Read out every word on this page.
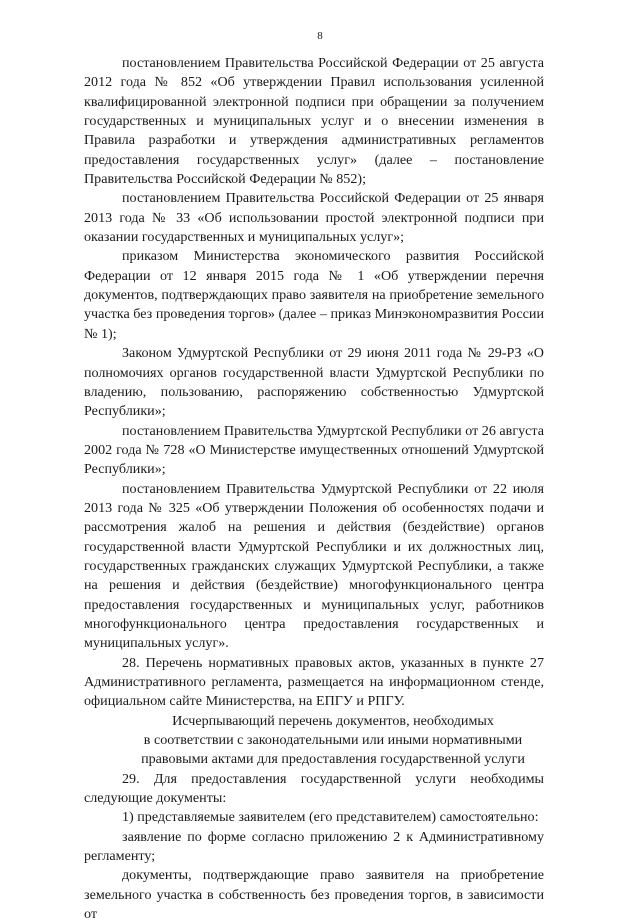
8

постановлением Правительства Российской Федерации от 25 августа 2012 года № 852 «Об утверждении Правил использования усиленной квалифицированной электронной подписи при обращении за получением государственных и муниципальных услуг и о внесении изменения в Правила разработки и утверждения административных регламентов предоставления государственных услуг» (далее – постановление Правительства Российской Федерации № 852);

постановлением Правительства Российской Федерации от 25 января 2013 года № 33 «Об использовании простой электронной подписи при оказании государственных и муниципальных услуг»;

приказом Министерства экономического развития Российской Федерации от 12 января 2015 года № 1 «Об утверждении перечня документов, подтверждающих право заявителя на приобретение земельного участка без проведения торгов» (далее – приказ Минэкономразвития России № 1);

Законом Удмуртской Республики от 29 июня 2011 года № 29-РЗ «О полномочиях органов государственной власти Удмуртской Республики по владению, пользованию, распоряжению собственностью Удмуртской Республики»;

постановлением Правительства Удмуртской Республики от 26 августа 2002 года № 728 «О Министерстве имущественных отношений Удмуртской Республики»;

постановлением Правительства Удмуртской Республики от 22 июля 2013 года № 325 «Об утверждении Положения об особенностях подачи и рассмотрения жалоб на решения и действия (бездействие) органов государственной власти Удмуртской Республики и их должностных лиц, государственных гражданских служащих Удмуртской Республики, а также на решения и действия (бездействие) многофункционального центра предоставления государственных и муниципальных услуг, работников многофункционального центра предоставления государственных и муниципальных услуг».

28. Перечень нормативных правовых актов, указанных в пункте 27 Административного регламента, размещается на информационном стенде, официальном сайте Министерства, на ЕПГУ и РПГУ.

Исчерпывающий перечень документов, необходимых
в соответствии с законодательными или иными нормативными
правовыми актами для предоставления государственной услуги

29. Для предоставления государственной услуги необходимы следующие документы:

1) представляемые заявителем (его представителем) самостоятельно:

заявление по форме согласно приложению 2 к Административному регламенту;

документы, подтверждающие право заявителя на приобретение земельного участка в собственность без проведения торгов, в зависимости от
